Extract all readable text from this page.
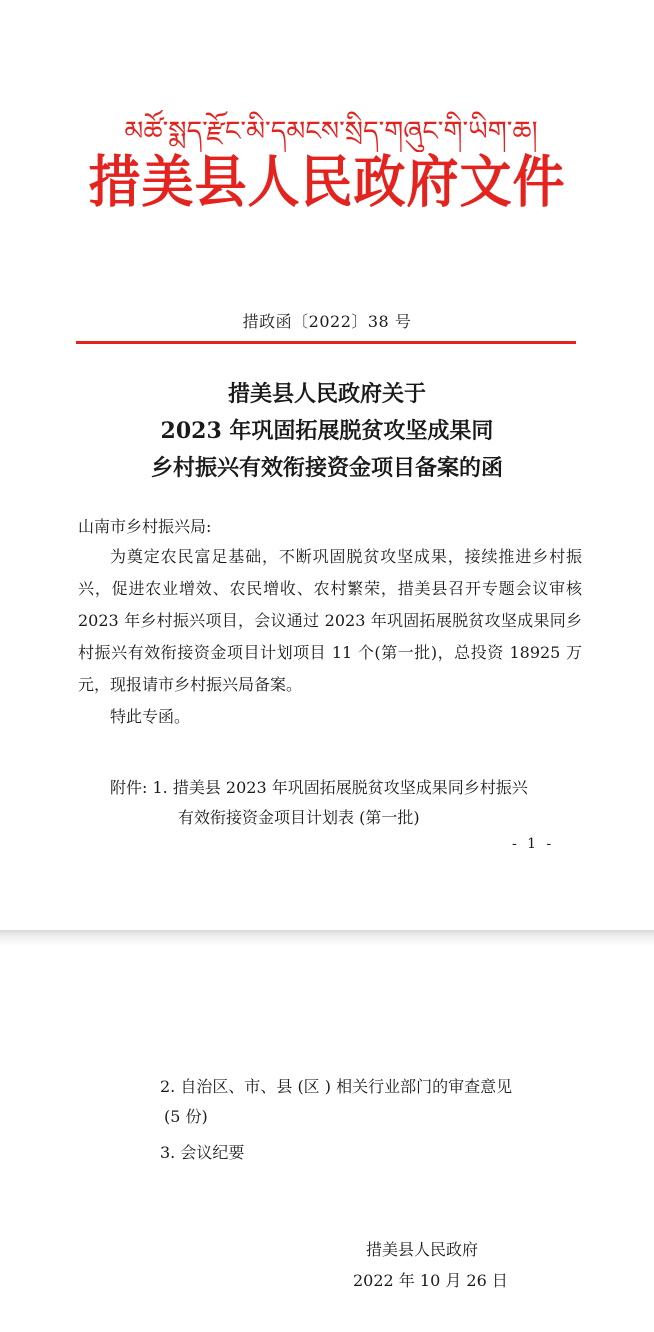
མཚོ་སྨད་རྫོང་མི་དམངས་སྲིད་གཞུང་གི་ཡིག་ཆ།
措美县人民政府文件
措政函〔2022〕38 号
措美县人民政府关于
2023 年巩固拓展脱贫攻坚成果同
乡村振兴有效衔接资金项目备案的函
山南市乡村振兴局:

为奠定农民富足基础，不断巩固脱贫攻坚成果，接续推进乡村振兴，促进农业增效、农民增收、农村繁荣，措美县召开专题会议审核 2023 年乡村振兴项目，会议通过 2023 年巩固拓展脱贫攻坚成果同乡村振兴有效衔接资金项目计划项目 11 个(第一批)，总投资 18925 万元，现报请市乡村振兴局备案。

特此专函。
附件: 1. 措美县 2023 年巩固拓展脱贫攻坚成果同乡村振兴
有效衔接资金项目计划表 (第一批)
- 1 -
2. 自治区、市、县 (区 ) 相关行业部门的审查意见
(5 份)
3. 会议纪要
措美县人民政府
2022 年 10 月 26 日
